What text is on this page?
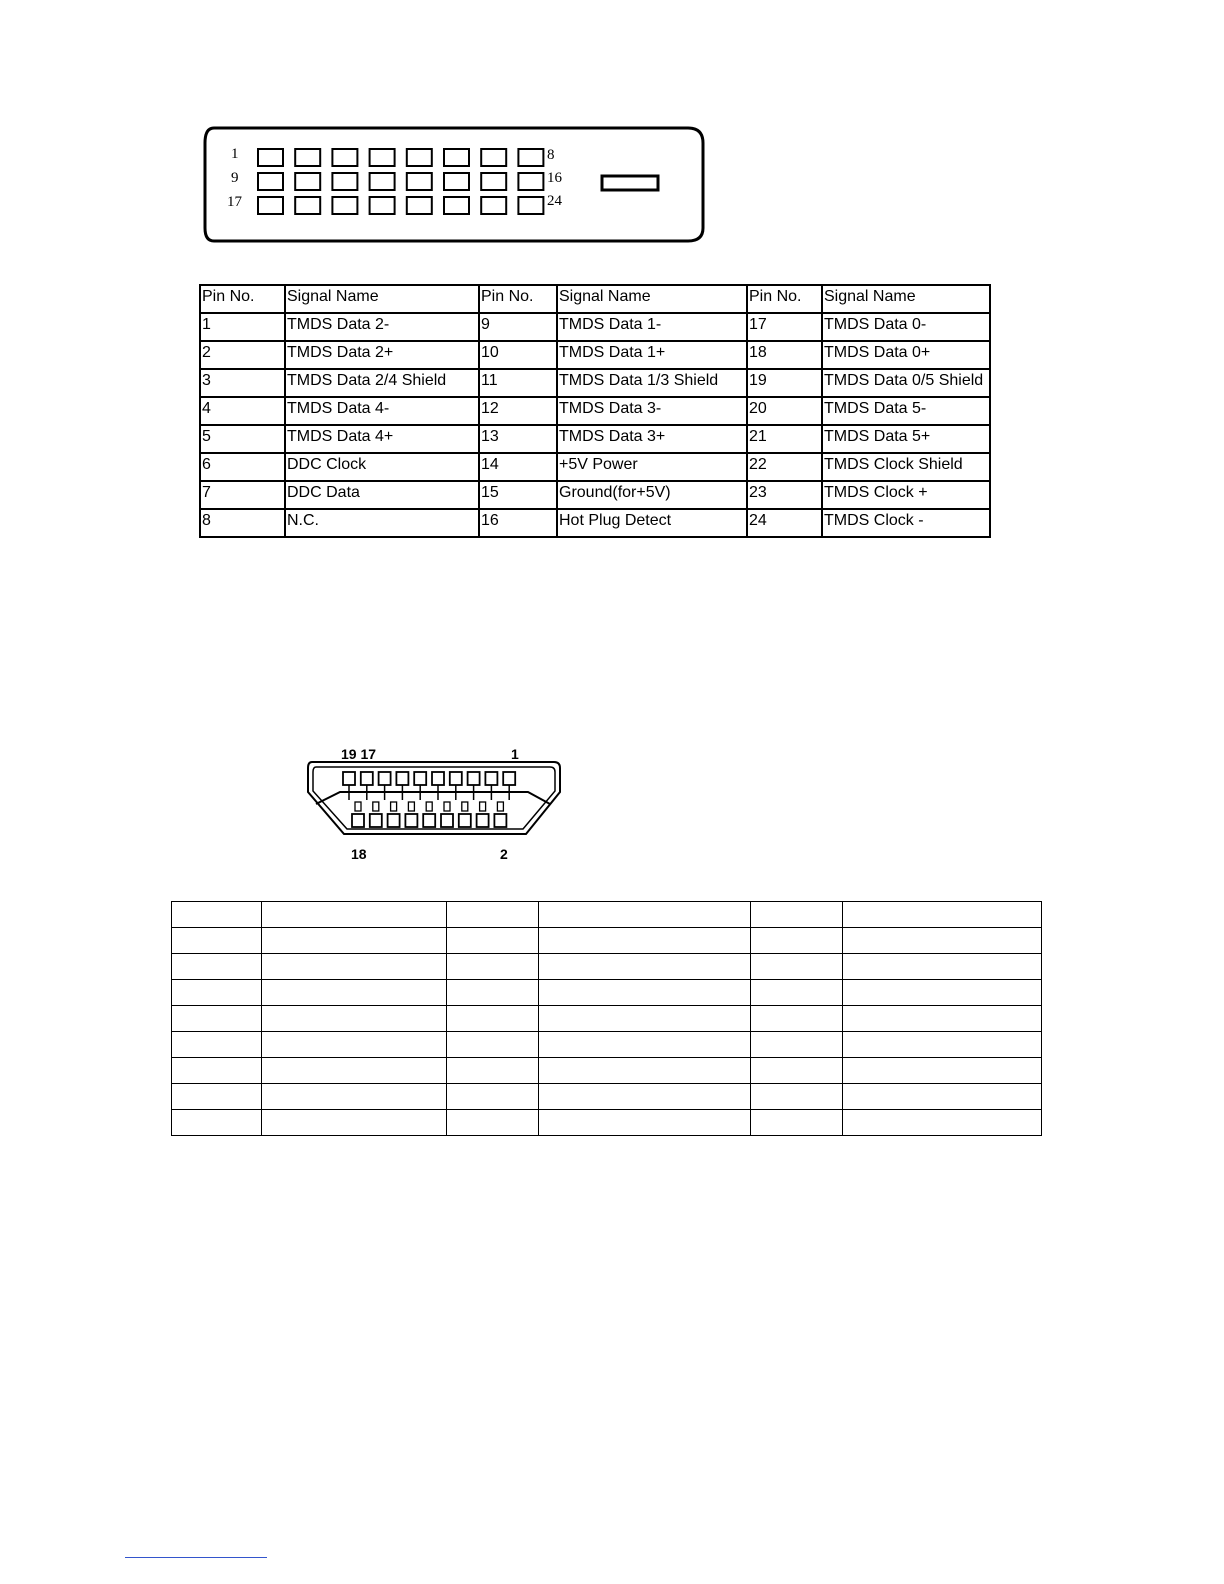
1
9
17
8
16
24
Pin No.	Signal Name	Pin No.	Signal Name	Pin No.	Signal Name
1	TMDS Data 2-	9	TMDS Data 1-	17	TMDS Data 0-
2	TMDS Data 2+	10	TMDS Data 1+	18	TMDS Data 0+
3	TMDS Data 2/4 Shield	11	TMDS Data 1/3 Shield	19	TMDS Data 0/5 Shield
4	TMDS Data 4-	12	TMDS Data 3-	20	TMDS Data 5-
5	TMDS Data 4+	13	TMDS Data 3+	21	TMDS Data 5+
6	DDC Clock	14	+5V Power	22	TMDS Clock Shield
7	DDC Data	15	Ground(for+5V)	23	TMDS Clock +
8	N.C.	16	Hot Plug Detect	24	TMDS Clock -
19 17	1
18	2
